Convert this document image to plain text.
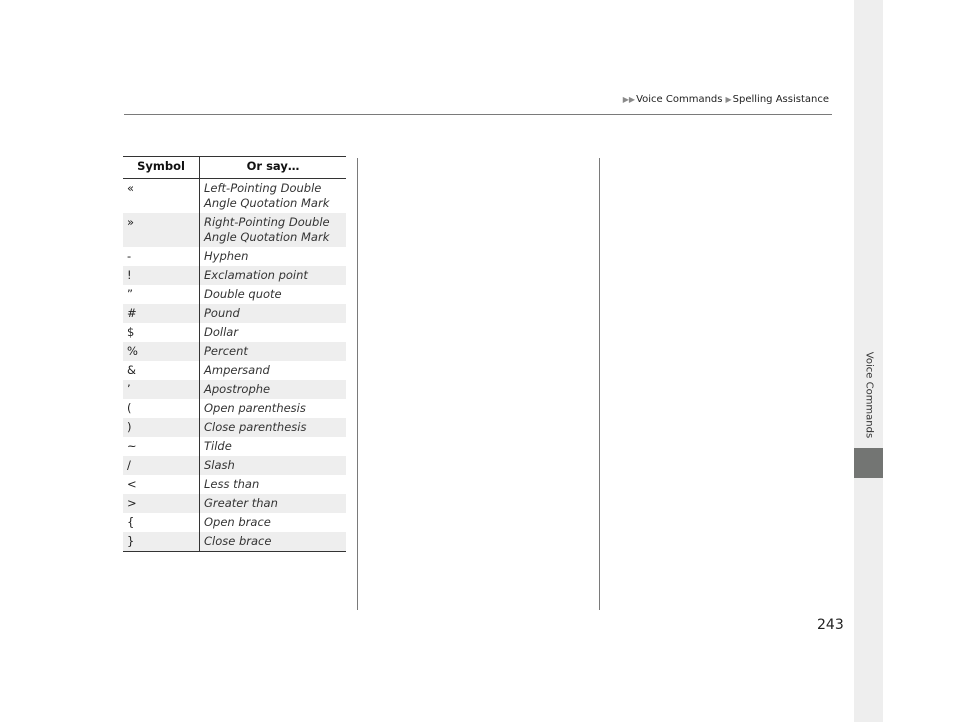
▶▶ Voice Commands ▶ Spelling Assistance
Voice Commands
Symbol	Or say…
«	Left-Pointing Double
Angle Quotation Mark

»	Right-Pointing Double
Angle Quotation Mark

-	Hyphen

!	Exclamation point

”	Double quote

#	Pound

$	Dollar

%	Percent

&	Ampersand

’	Apostrophe

(	Open parenthesis

)	Close parenthesis

~	Tilde

/	Slash

<	Less than

>	Greater than

{	Open brace

}	Close brace
243
